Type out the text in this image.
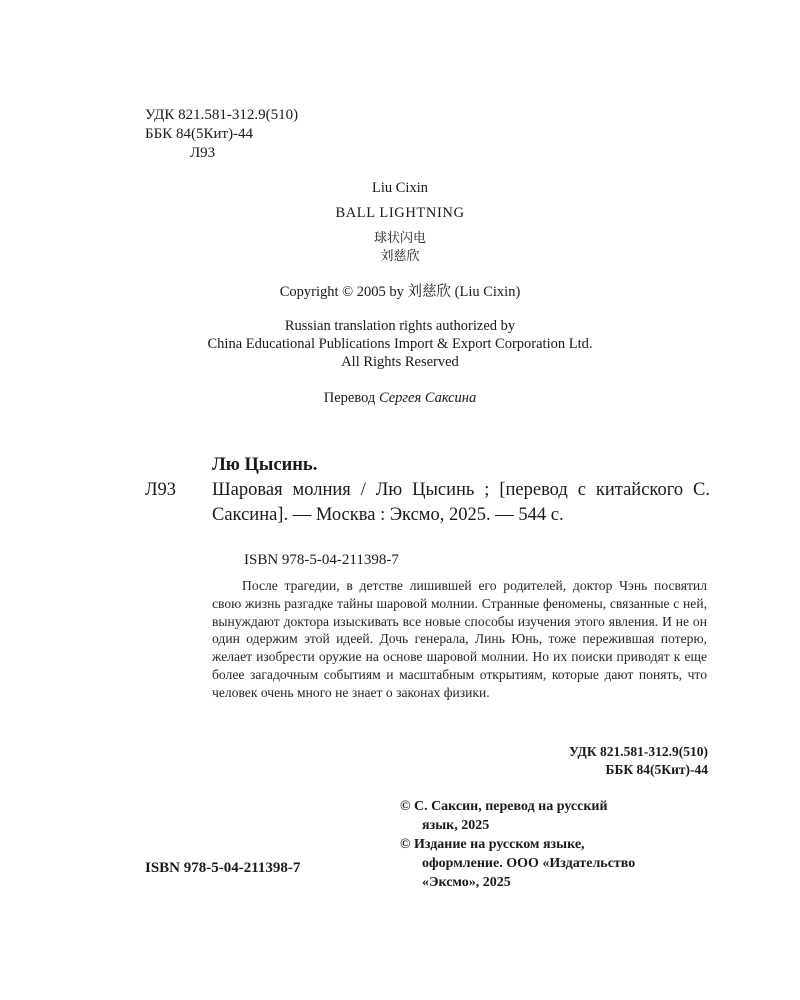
УДК 821.581-312.9(510)
ББК 84(5Кит)-44
Л93
Liu Cixin
BALL LIGHTNING
球状闪电
刘慈欣
Copyright © 2005 by 刘慈欣 (Liu Cixin)
Russian translation rights authorized by
China Educational Publications Import & Export Corporation Ltd.
All Rights Reserved
Перевод Сергея Саксина
Лю Цысинь.
Л93 Шаровая молния / Лю Цысинь ; [перевод с китайского С. Саксина]. — Москва : Эксмо, 2025. — 544 с.
ISBN 978-5-04-211398-7
После трагедии, в детстве лишившей его родителей, доктор Чэнь посвятил свою жизнь разгадке тайны шаровой молнии. Странные феномены, связанные с ней, вынуждают доктора изыскивать все новые способы изучения этого явления. И не он один одержим этой идеей. Дочь генерала, Линь Юнь, тоже пережившая потерю, желает изобрести оружие на основе шаровой молнии. Но их поиски приводят к еще более загадочным событиям и масштабным открытиям, которые дают понять, что человек очень много не знает о законах физики.
УДК 821.581-312.9(510)
ББК 84(5Кит)-44
ISBN 978-5-04-211398-7
© С. Саксин, перевод на русский
язык, 2025
© Издание на русском языке,
оформление. ООО «Издательство
«Эксмо», 2025
